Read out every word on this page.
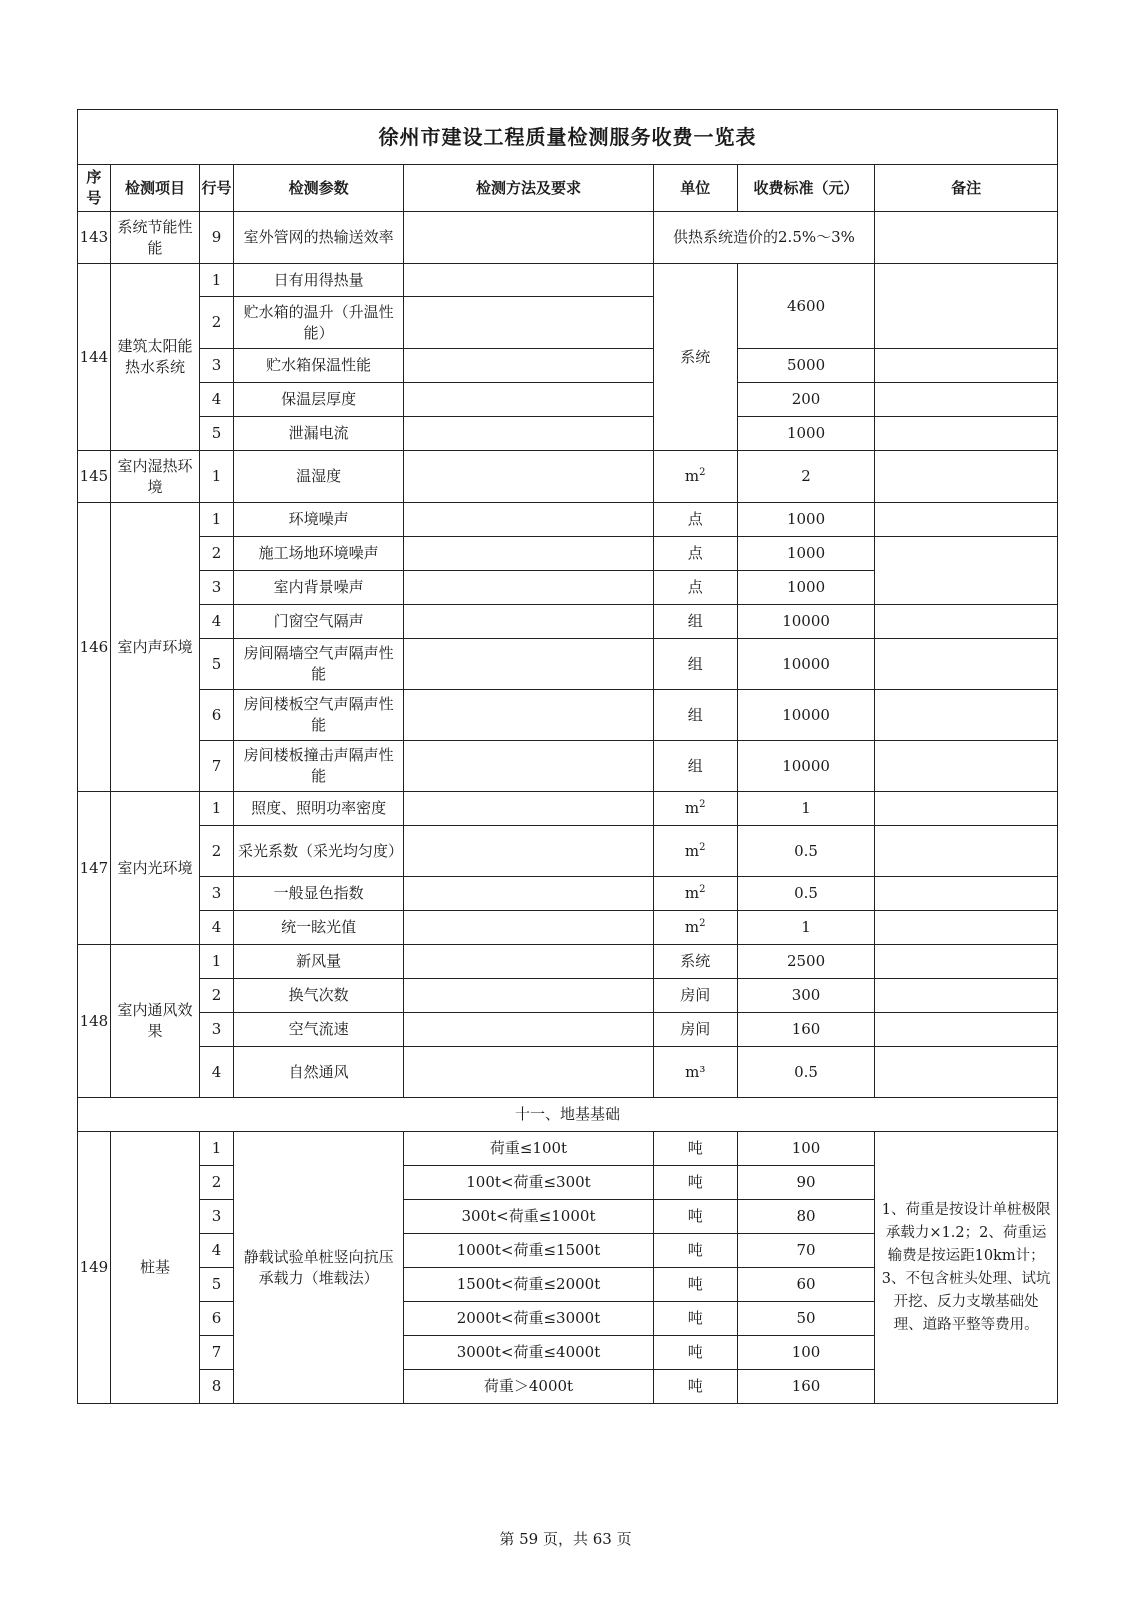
徐州市建设工程质量检测服务收费一览表							
序号	检测项目	行号	检测参数	检测方法及要求	单位	收费标准（元）	备注
143	系统节能性能	9	室外管网的热输送效率		供热系统造价的2.5%～3%		
144	建筑太阳能热水系统	1	日有用得热量		系统	4600	
		2	贮水箱的温升（升温性能）				
		3	贮水箱保温性能			5000	
		4	保温层厚度			200	
		5	泄漏电流			1000	
145	室内湿热环境	1	温湿度		$m^2$	2	
146	室内声环境	1	环境噪声		点	1000	
		2	施工场地环境噪声		点	1000	
		3	室内背景噪声		点	1000	
		4	门窗空气隔声		组	10000	
		5	房间隔墙空气声隔声性能		组	10000	
		6	房间楼板空气声隔声性能		组	10000	
		7	房间楼板撞击声隔声性能		组	10000	
147	室内光环境	1	照度、照明功率密度		$m^2$	1	
		2	采光系数（采光均匀度）		$m^2$	0.5	
		3	一般显色指数		$m^2$	0.5	
		4	统一眩光值		$m^2$	1	
148	室内通风效果	1	新风量		系统	2500	
		2	换气次数		房间	300	
		3	空气流速		房间	160	
		4	自然通风		m³	0.5	
十一、地基基础							
149	桩基	1	静载试验单桩竖向抗压承载力（堆载法）	荷重≤100t	吨	100	1、荷重是按设计单桩极限承载力×1.2；2、荷重运输费是按运距10km计；3、不包含桩头处理、试坑开挖、反力支墩基础处理、道路平整等费用。
		2		100t<荷重≤300t	吨	90	
		3		300t<荷重≤1000t	吨	80	
		4		1000t<荷重≤1500t	吨	70	
		5		1500t<荷重≤2000t	吨	60	
		6		2000t<荷重≤3000t	吨	50	
		7		3000t<荷重≤4000t	吨	100	
		8		荷重＞4000t	吨	160	
第 59 页，共 63 页
